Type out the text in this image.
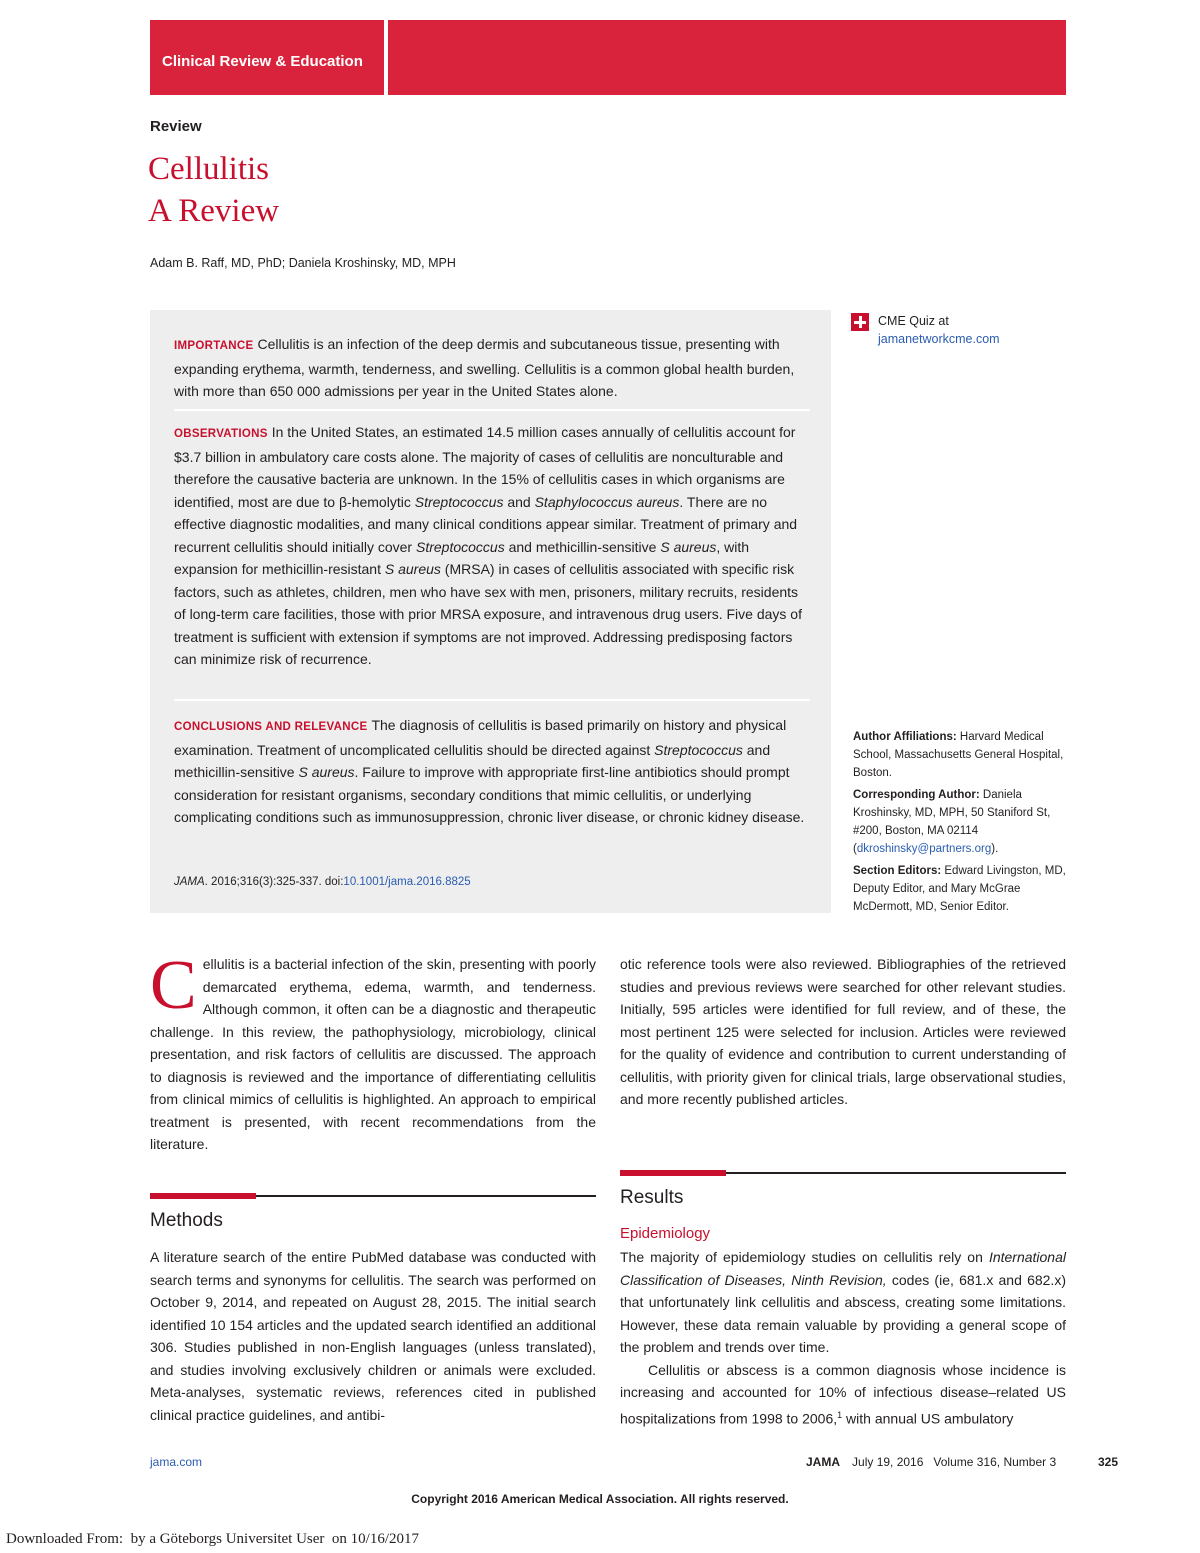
Clinical Review & Education
Review
Cellulitis
A Review
Adam B. Raff, MD, PhD; Daniela Kroshinsky, MD, MPH
CME Quiz at
jamanetworkcme.com

IMPORTANCE Cellulitis is an infection of the deep dermis and subcutaneous tissue, presenting with expanding erythema, warmth, tenderness, and swelling. Cellulitis is a common global health burden, with more than 650 000 admissions per year in the United States alone.

OBSERVATIONS In the United States, an estimated 14.5 million cases annually of cellulitis account for $3.7 billion in ambulatory care costs alone. The majority of cases of cellulitis are nonculturable and therefore the causative bacteria are unknown. In the 15% of cellulitis cases in which organisms are identified, most are due to β-hemolytic Streptococcus and Staphylococcus aureus. There are no effective diagnostic modalities, and many clinical conditions appear similar. Treatment of primary and recurrent cellulitis should initially cover Streptococcus and methicillin-sensitive S aureus, with expansion for methicillin-resistant S aureus (MRSA) in cases of cellulitis associated with specific risk factors, such as athletes, children, men who have sex with men, prisoners, military recruits, residents of long-term care facilities, those with prior MRSA exposure, and intravenous drug users. Five days of treatment is sufficient with extension if symptoms are not improved. Addressing predisposing factors can minimize risk of recurrence.

CONCLUSIONS AND RELEVANCE The diagnosis of cellulitis is based primarily on history and physical examination. Treatment of uncomplicated cellulitis should be directed against Streptococcus and methicillin-sensitive S aureus. Failure to improve with appropriate first-line antibiotics should prompt consideration for resistant organisms, secondary conditions that mimic cellulitis, or underlying complicating conditions such as immunosuppression, chronic liver disease, or chronic kidney disease.

JAMA. 2016;316(3):325-337. doi:10.1001/jama.2016.8825

Author Affiliations: Harvard Medical School, Massachusetts General Hospital, Boston.

Corresponding Author: Daniela Kroshinsky, MD, MPH, 50 Staniford St, #200, Boston, MA 02114 (dkroshinsky@partners.org).

Section Editors: Edward Livingston, MD, Deputy Editor, and Mary McGrae McDermott, MD, Senior Editor.

C ellulitis is a bacterial infection of the skin, presenting with poorly demarcated erythema, edema, warmth, and tenderness. Although common, it often can be a diagnostic and therapeutic challenge. In this review, the pathophysiology, microbiology, clinical presentation, and risk factors of cellulitis are discussed. The approach to diagnosis is reviewed and the importance of differentiating cellulitis from clinical mimics of cellulitis is highlighted. An approach to empirical treatment is presented, with recent recommendations from the literature.

Methods

A literature search of the entire PubMed database was conducted with search terms and synonyms for cellulitis. The search was performed on October 9, 2014, and repeated on August 28, 2015. The initial search identified 10 154 articles and the updated search identified an additional 306. Studies published in non-English languages (unless translated), and studies involving exclusively children or animals were excluded. Meta-analyses, systematic reviews, references cited in published clinical practice guidelines, and antibi-

otic reference tools were also reviewed. Bibliographies of the retrieved studies and previous reviews were searched for other relevant studies. Initially, 595 articles were identified for full review, and of these, the most pertinent 125 were selected for inclusion. Articles were reviewed for the quality of evidence and contribution to current understanding of cellulitis, with priority given for clinical trials, large observational studies, and more recently published articles.

Results
Epidemiology

The majority of epidemiology studies on cellulitis rely on International Classification of Diseases, Ninth Revision, codes (ie, 681.x and 682.x) that unfortunately link cellulitis and abscess, creating some limitations. However, these data remain valuable by providing a general scope of the problem and trends over time.

Cellulitis or abscess is a common diagnosis whose incidence is increasing and accounted for 10% of infectious disease–related US hospitalizations from 1998 to 2006,$^1$ with annual US ambulatory

jama.com	JAMA July 19, 2016   Volume 316, Number 3	325
Copyright 2016 American Medical Association. All rights reserved.
Downloaded From:  by a Göteborgs Universitet User  on 10/16/2017
